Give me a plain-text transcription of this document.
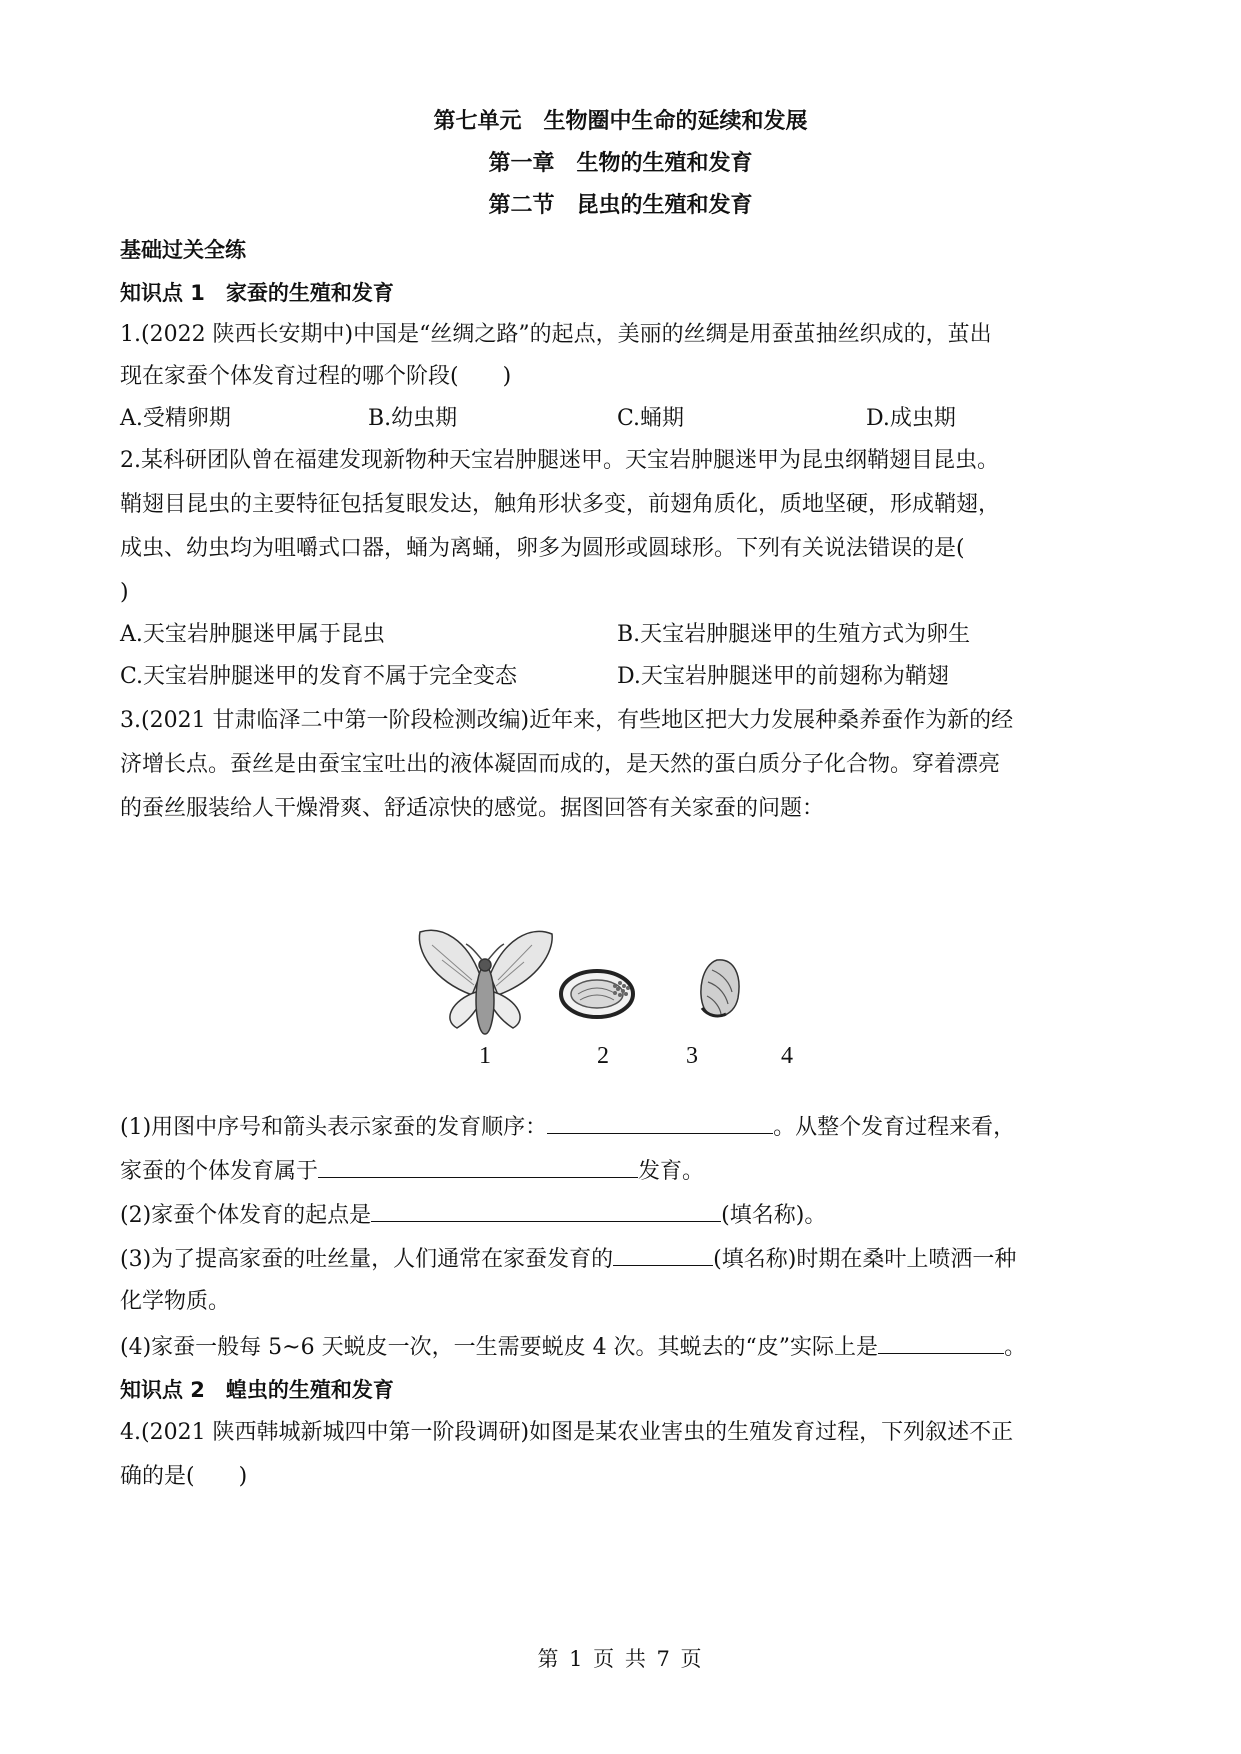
第七单元　生物圈中生命的延续和发展
第一章　生物的生殖和发育
第二节　昆虫的生殖和发育
基础过关全练
知识点 1　家蚕的生殖和发育
1.(2022 陕西长安期中)中国是“丝绸之路”的起点，美丽的丝绸是用蚕茧抽丝织成的，茧出
现在家蚕个体发育过程的哪个阶段(　　)
A.受精卵期	B.幼虫期	C.蛹期	D.成虫期
2.某科研团队曾在福建发现新物种天宝岩肿腿迷甲。天宝岩肿腿迷甲为昆虫纲鞘翅目昆虫。
鞘翅目昆虫的主要特征包括复眼发达，触角形状多变，前翅角质化，质地坚硬，形成鞘翅，
成虫、幼虫均为咀嚼式口器，蛹为离蛹，卵多为圆形或圆球形。下列有关说法错误的是(
)
A.天宝岩肿腿迷甲属于昆虫	B.天宝岩肿腿迷甲的生殖方式为卵生
C.天宝岩肿腿迷甲的发育不属于完全变态	D.天宝岩肿腿迷甲的前翅称为鞘翅
3.(2021 甘肃临泽二中第一阶段检测改编)近年来，有些地区把大力发展种桑养蚕作为新的经
济增长点。蚕丝是由蚕宝宝吐出的液体凝固而成的，是天然的蛋白质分子化合物。穿着漂亮
的蚕丝服装给人干燥滑爽、舒适凉快的感觉。据图回答有关家蚕的问题：
1	2	3	4
(1)用图中序号和箭头表示家蚕的发育顺序：	。从整个发育过程来看，
家蚕的个体发育属于	发育。
(2)家蚕个体发育的起点是	(填名称)。
(3)为了提高家蚕的吐丝量，人们通常在家蚕发育的	(填名称)时期在桑叶上喷洒一种
化学物质。
(4)家蚕一般每 5~6 天蜕皮一次，一生需要蜕皮 4 次。其蜕去的“皮”实际上是	。
知识点 2　蝗虫的生殖和发育
4.(2021 陕西韩城新城四中第一阶段调研)如图是某农业害虫的生殖发育过程，下列叙述不正
确的是(　　)
第 1 页 共 7 页
